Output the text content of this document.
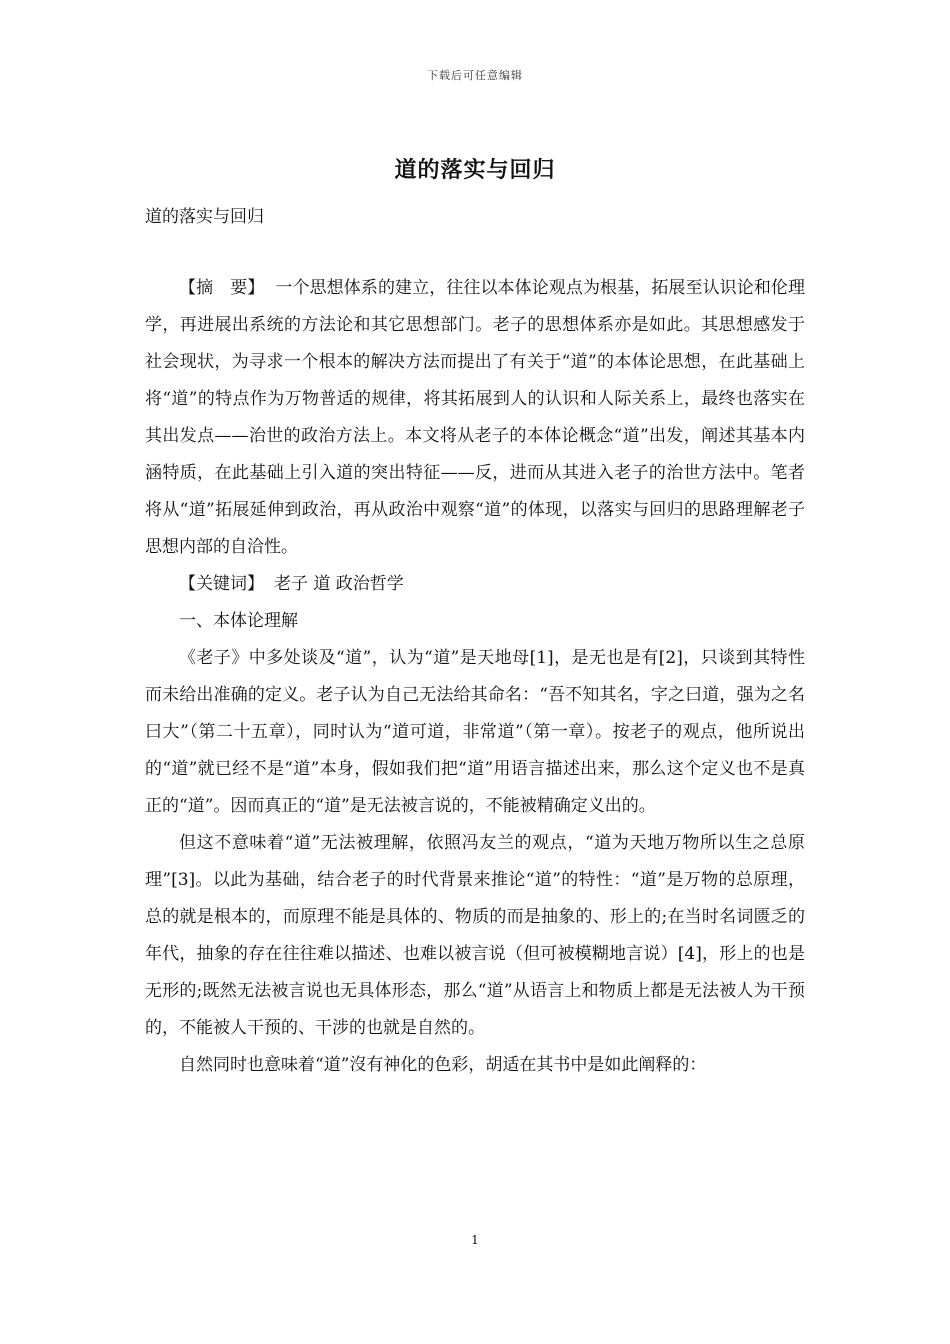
下载后可任意编辑
道的落实与回归
道的落实与回归

【摘　要】 一个思想体系的建立，往往以本体论观点为根基，拓展至认识论和伦理学，再进展出系统的方法论和其它思想部门。老子的思想体系亦是如此。其思想感发于社会现状，为寻求一个根本的解决方法而提出了有关于“道”的本体论思想，在此基础上将“道”的特点作为万物普适的规律，将其拓展到人的认识和人际关系上，最终也落实在其出发点——治世的政治方法上。本文将从老子的本体论概念“道”出发，阐述其基本内涵特质，在此基础上引入道的突出特征——反，进而从其进入老子的治世方法中。笔者将从“道”拓展延伸到政治，再从政治中观察“道”的体现，以落实与回归的思路理解老子思想内部的自洽性。

【关键词】 老子 道 政治哲学

一、本体论理解

《老子》中多处谈及“道”，认为“道”是天地母[1]，是无也是有[2]，只谈到其特性而未给出准确的定义。老子认为自己无法给其命名：“吾不知其名，字之曰道，强为之名曰大”（第二十五章），同时认为“道可道，非常道”（第一章）。按老子的观点，他所说出的“道”就已经不是“道”本身，假如我们把“道”用语言描述出来，那么这个定义也不是真正的“道”。因而真正的“道”是无法被言说的，不能被精确定义出的。

但这不意味着“道”无法被理解，依照冯友兰的观点，“道为天地万物所以生之总原理”[3]。以此为基础，结合老子的时代背景来推论“道”的特性：“道”是万物的总原理，总的就是根本的，而原理不能是具体的、物质的而是抽象的、形上的;在当时名词匮乏的年代，抽象的存在往往难以描述、也难以被言说（但可被模糊地言说）[4]，形上的也是无形的;既然无法被言说也无具体形态，那么“道”从语言上和物质上都是无法被人为干预的，不能被人干预的、干涉的也就是自然的。

自然同时也意味着“道”沒有神化的色彩，胡适在其书中是如此阐释的：

1
